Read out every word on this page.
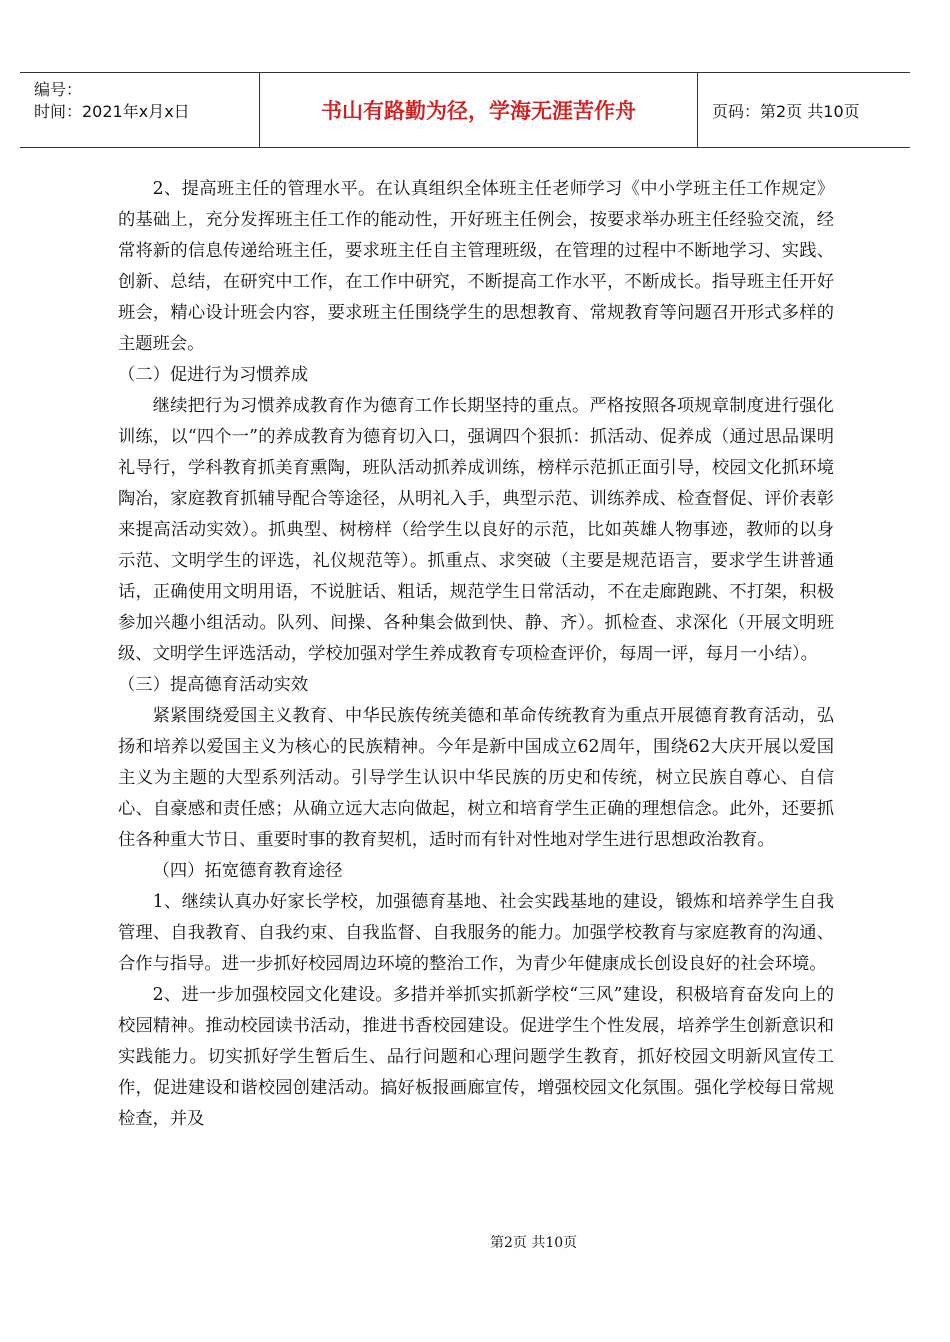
编号：
时间：2021年x月x日	书山有路勤为径，学海无涯苦作舟	页码：第2页 共10页

2、提高班主任的管理水平。在认真组织全体班主任老师学习《中小学班主任工作规定》的基础上，充分发挥班主任工作的能动性，开好班主任例会，按要求举办班主任经验交流，经常将新的信息传递给班主任，要求班主任自主管理班级，在管理的过程中不断地学习、实践、创新、总结，在研究中工作，在工作中研究，不断提高工作水平，不断成长。指导班主任开好班会，精心设计班会内容，要求班主任围绕学生的思想教育、常规教育等问题召开形式多样的主题班会。

（二）促进行为习惯养成

继续把行为习惯养成教育作为德育工作长期坚持的重点。严格按照各项规章制度进行强化训练，以“四个一”的养成教育为德育切入口，强调四个狠抓：抓活动、促养成（通过思品课明礼导行，学科教育抓美育熏陶，班队活动抓养成训练，榜样示范抓正面引导，校园文化抓环境陶冶，家庭教育抓辅导配合等途径，从明礼入手，典型示范、训练养成、检查督促、评价表彰来提高活动实效）。抓典型、树榜样（给学生以良好的示范，比如英雄人物事迹，教师的以身示范、文明学生的评选，礼仪规范等）。抓重点、求突破（主要是规范语言，要求学生讲普通话，正确使用文明用语，不说脏话、粗话，规范学生日常活动，不在走廊跑跳、不打架，积极参加兴趣小组活动。队列、间操、各种集会做到快、静、齐）。抓检查、求深化（开展文明班级、文明学生评选活动，学校加强对学生养成教育专项检查评价，每周一评，每月一小结）。

（三）提高德育活动实效

紧紧围绕爱国主义教育、中华民族传统美德和革命传统教育为重点开展德育教育活动，弘扬和培养以爱国主义为核心的民族精神。今年是新中国成立62周年，围绕62大庆开展以爱国主义为主题的大型系列活动。引导学生认识中华民族的历史和传统，树立民族自尊心、自信心、自豪感和责任感；从确立远大志向做起，树立和培育学生正确的理想信念。此外，还要抓住各种重大节日、重要时事的教育契机，适时而有针对性地对学生进行思想政治教育。

（四）拓宽德育教育途径

1、继续认真办好家长学校，加强德育基地、社会实践基地的建设，锻炼和培养学生自我管理、自我教育、自我约束、自我监督、自我服务的能力。加强学校教育与家庭教育的沟通、合作与指导。进一步抓好校园周边环境的整治工作，为青少年健康成长创设良好的社会环境。

2、进一步加强校园文化建设。多措并举抓实抓新学校“三风”建设，积极培育奋发向上的校园精神。推动校园读书活动，推进书香校园建设。促进学生个性发展，培养学生创新意识和实践能力。切实抓好学生暂后生、品行问题和心理问题学生教育，抓好校园文明新风宣传工作，促进建设和谐校园创建活动。搞好板报画廊宣传，增强校园文化氛围。强化学校每日常规检查，并及

第2页 共10页
